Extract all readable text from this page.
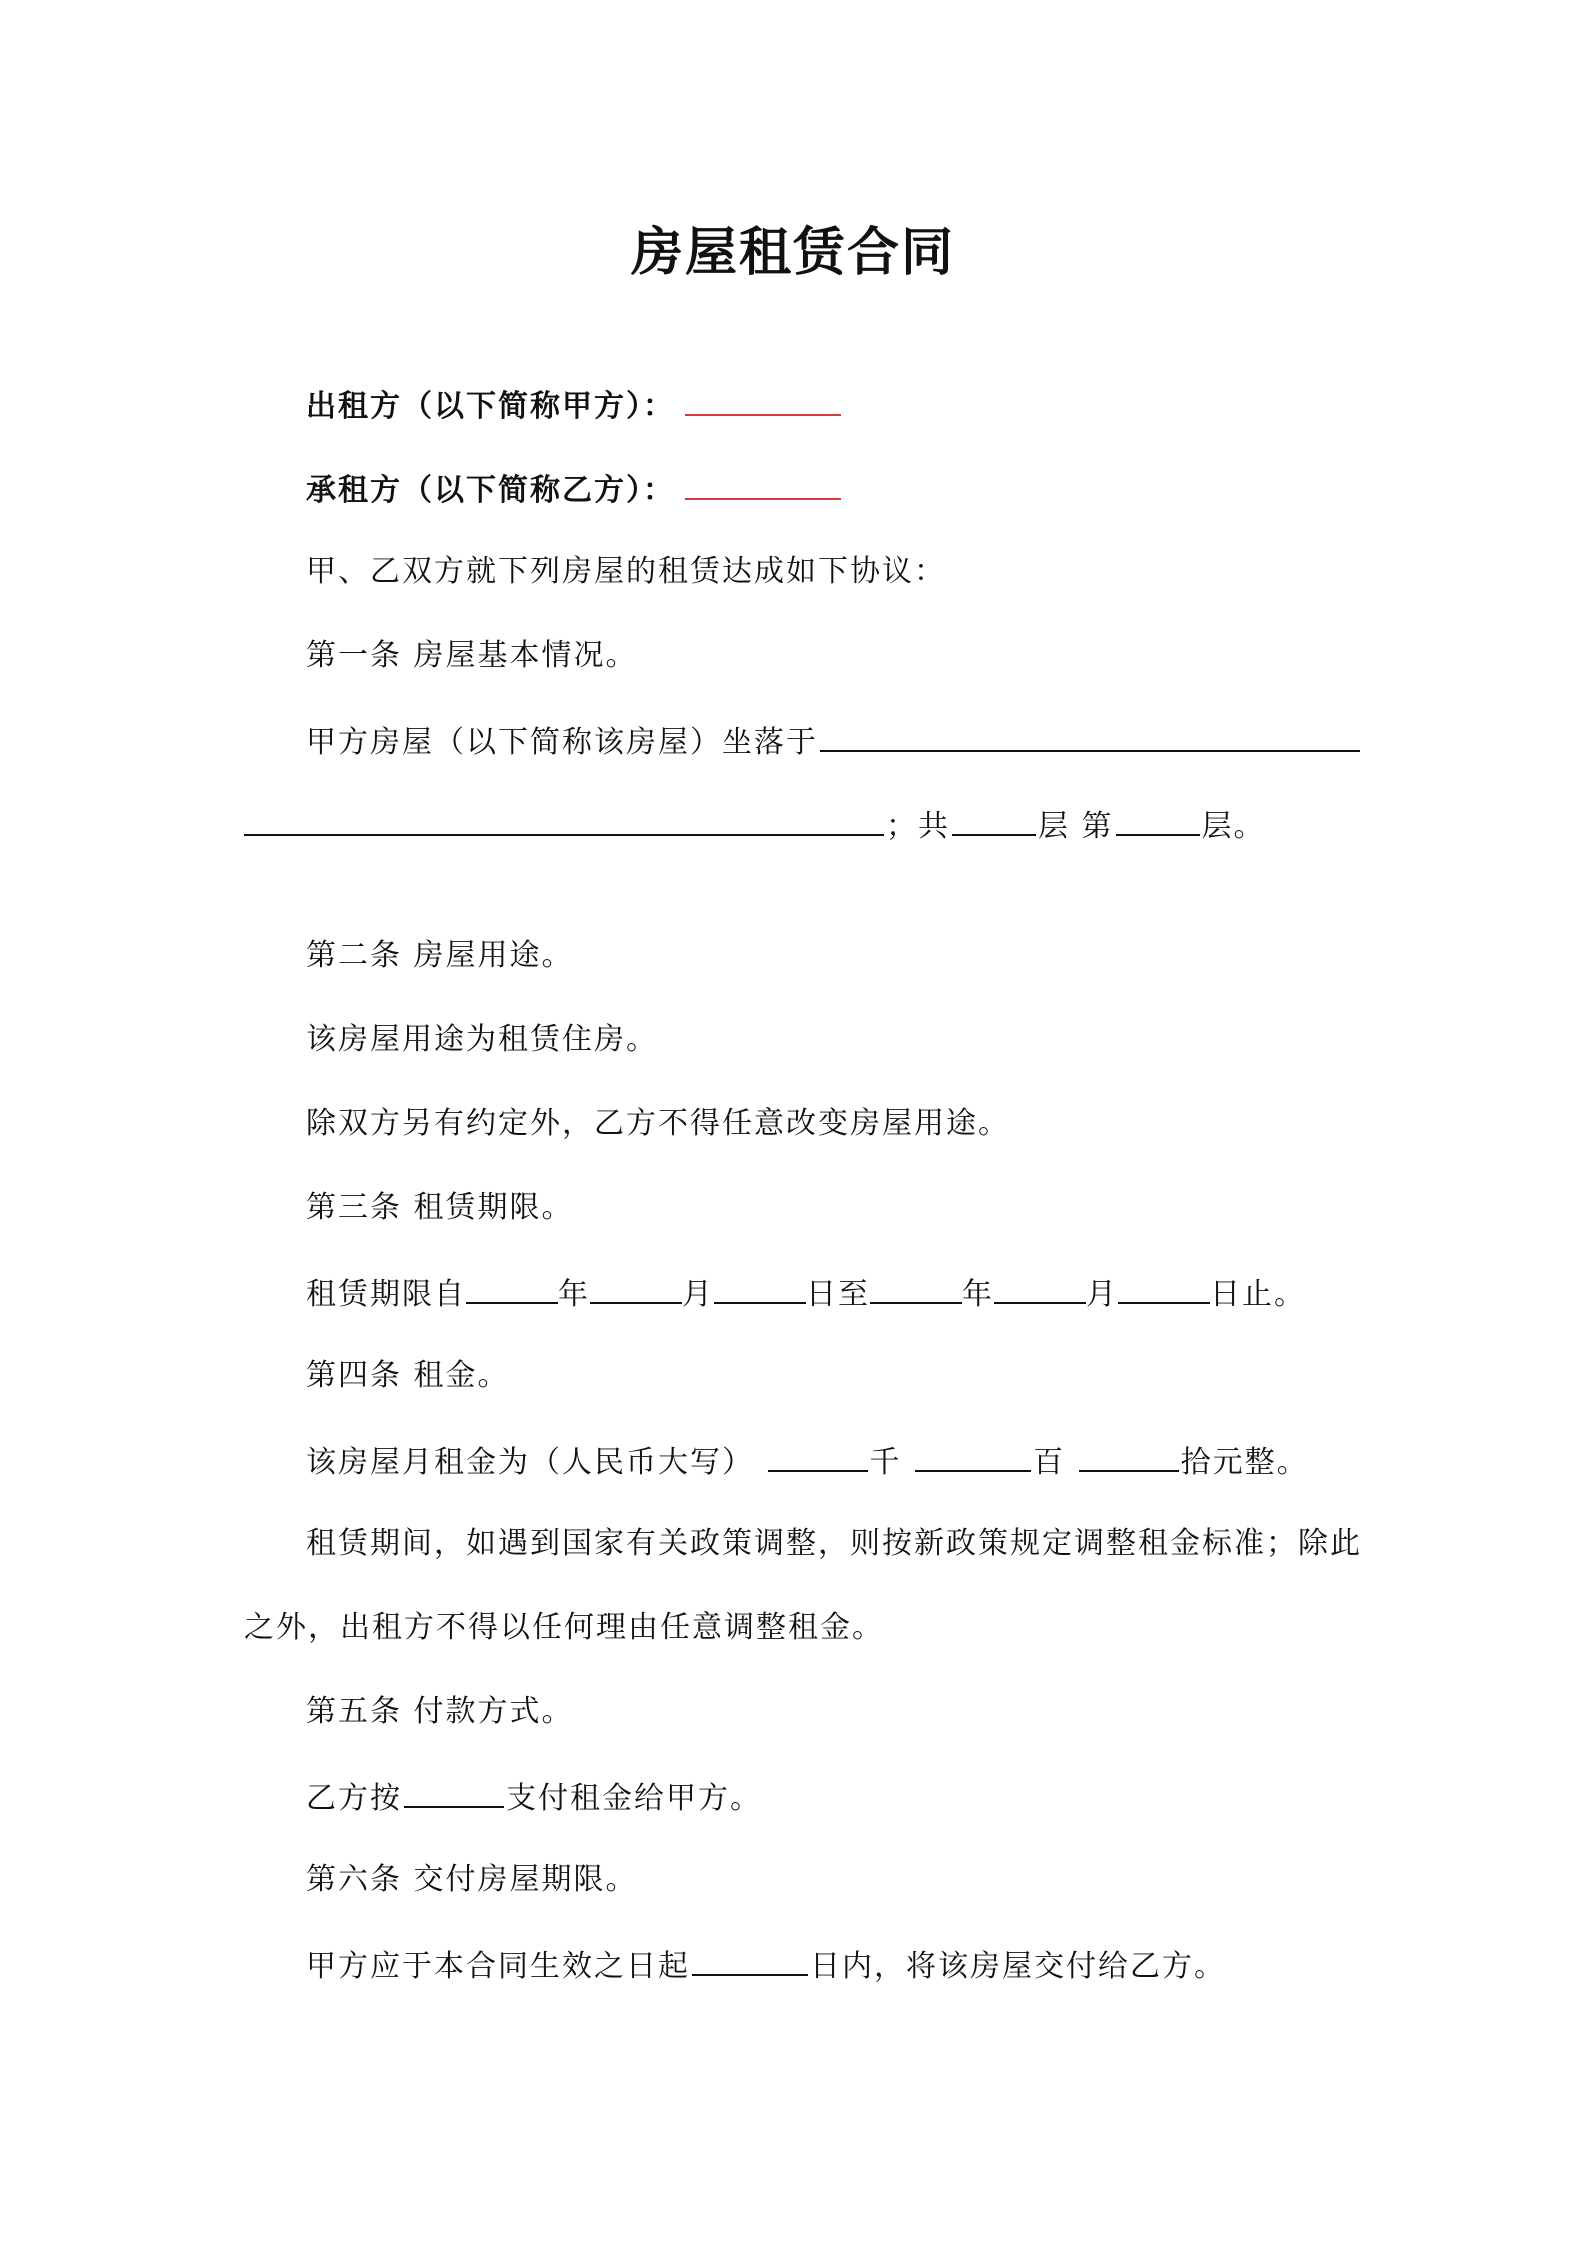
房屋租赁合同
出租方（以下简称甲方）：
承租方（以下简称乙方）：
甲、乙双方就下列房屋的租赁达成如下协议：
第一条 房屋基本情况。
甲方房屋（以下简称该房屋）坐落于
；共	层 第	层。
第二条 房屋用途。
该房屋用途为租赁住房。
除双方另有约定外，乙方不得任意改变房屋用途。
第三条 租赁期限。
租赁期限自	年	月	日至	年	月	日止。
第四条 租金。
该房屋月租金为（人民币大写）	千	百	拾元整。
租赁期间，如遇到国家有关政策调整，则按新政策规定调整租金标准；除此
之外，出租方不得以任何理由任意调整租金。
第五条 付款方式。
乙方按	支付租金给甲方。
第六条 交付房屋期限。
甲方应于本合同生效之日起	日内，将该房屋交付给乙方。
